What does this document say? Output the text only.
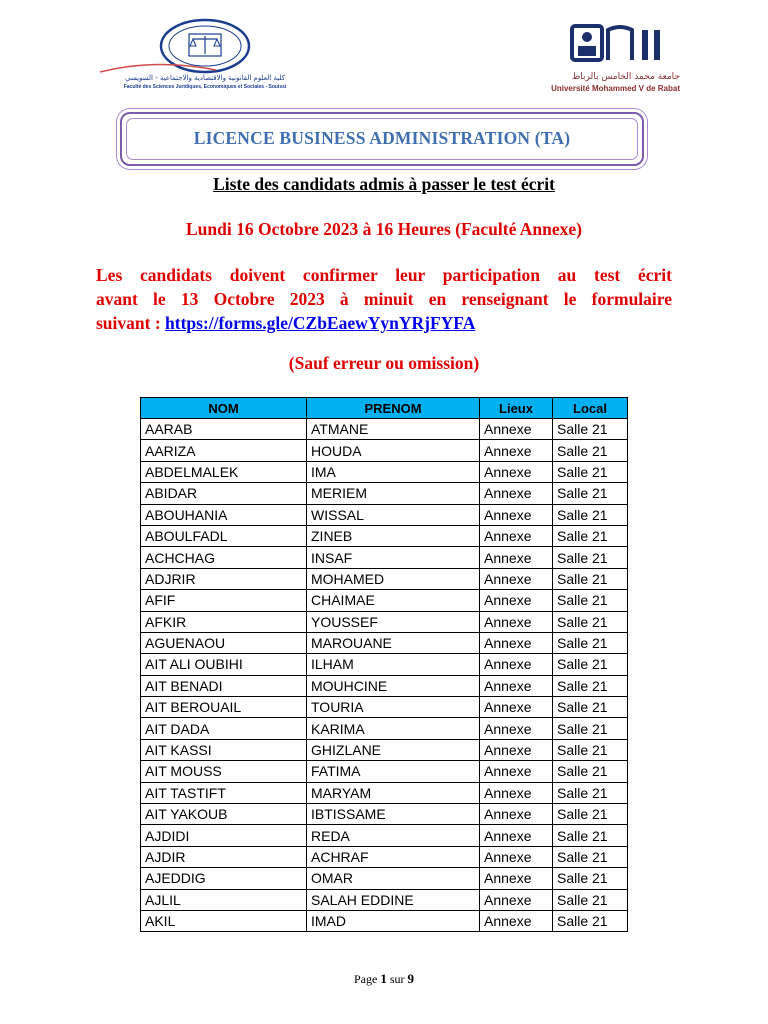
كلية العلوم القانونية والاقتصادية والاجتماعية - السويسي
Faculté des Sciences Juridiques, Economiques et Sociales - Souissi
جامعة محمد الخامس بالرباط
Université Mohammed V de Rabat
LICENCE BUSINESS ADMINISTRATION (TA)
Liste des candidats admis à passer le test écrit
Lundi 16 Octobre 2023 à 16 Heures (Faculté Annexe)
Les candidats doivent confirmer leur participation au test écrit
avant le 13 Octobre 2023 à minuit en renseignant le formulaire
suivant : https://forms.gle/CZbEaewYynYRjFYFA
(Sauf erreur ou omission)
NOM	PRENOM	Lieux	Local
AARAB	ATMANE	Annexe	Salle 21
AARIZA	HOUDA	Annexe	Salle 21
ABDELMALEK	IMA	Annexe	Salle 21
ABIDAR	MERIEM	Annexe	Salle 21
ABOUHANIA	WISSAL	Annexe	Salle 21
ABOULFADL	ZINEB	Annexe	Salle 21
ACHCHAG	INSAF	Annexe	Salle 21
ADJRIR	MOHAMED	Annexe	Salle 21
AFIF	CHAIMAE	Annexe	Salle 21
AFKIR	YOUSSEF	Annexe	Salle 21
AGUENAOU	MAROUANE	Annexe	Salle 21
AIT ALI OUBIHI	ILHAM	Annexe	Salle 21
AIT BENADI	MOUHCINE	Annexe	Salle 21
AIT BEROUAIL	TOURIA	Annexe	Salle 21
AIT DADA	KARIMA	Annexe	Salle 21
AIT KASSI	GHIZLANE	Annexe	Salle 21
AIT MOUSS	FATIMA	Annexe	Salle 21
AIT TASTIFT	MARYAM	Annexe	Salle 21
AIT YAKOUB	IBTISSAME	Annexe	Salle 21
AJDIDI	REDA	Annexe	Salle 21
AJDIR	ACHRAF	Annexe	Salle 21
AJEDDIG	OMAR	Annexe	Salle 21
AJLIL	SALAH EDDINE	Annexe	Salle 21
AKIL	IMAD	Annexe	Salle 21
Page 1 sur 9
